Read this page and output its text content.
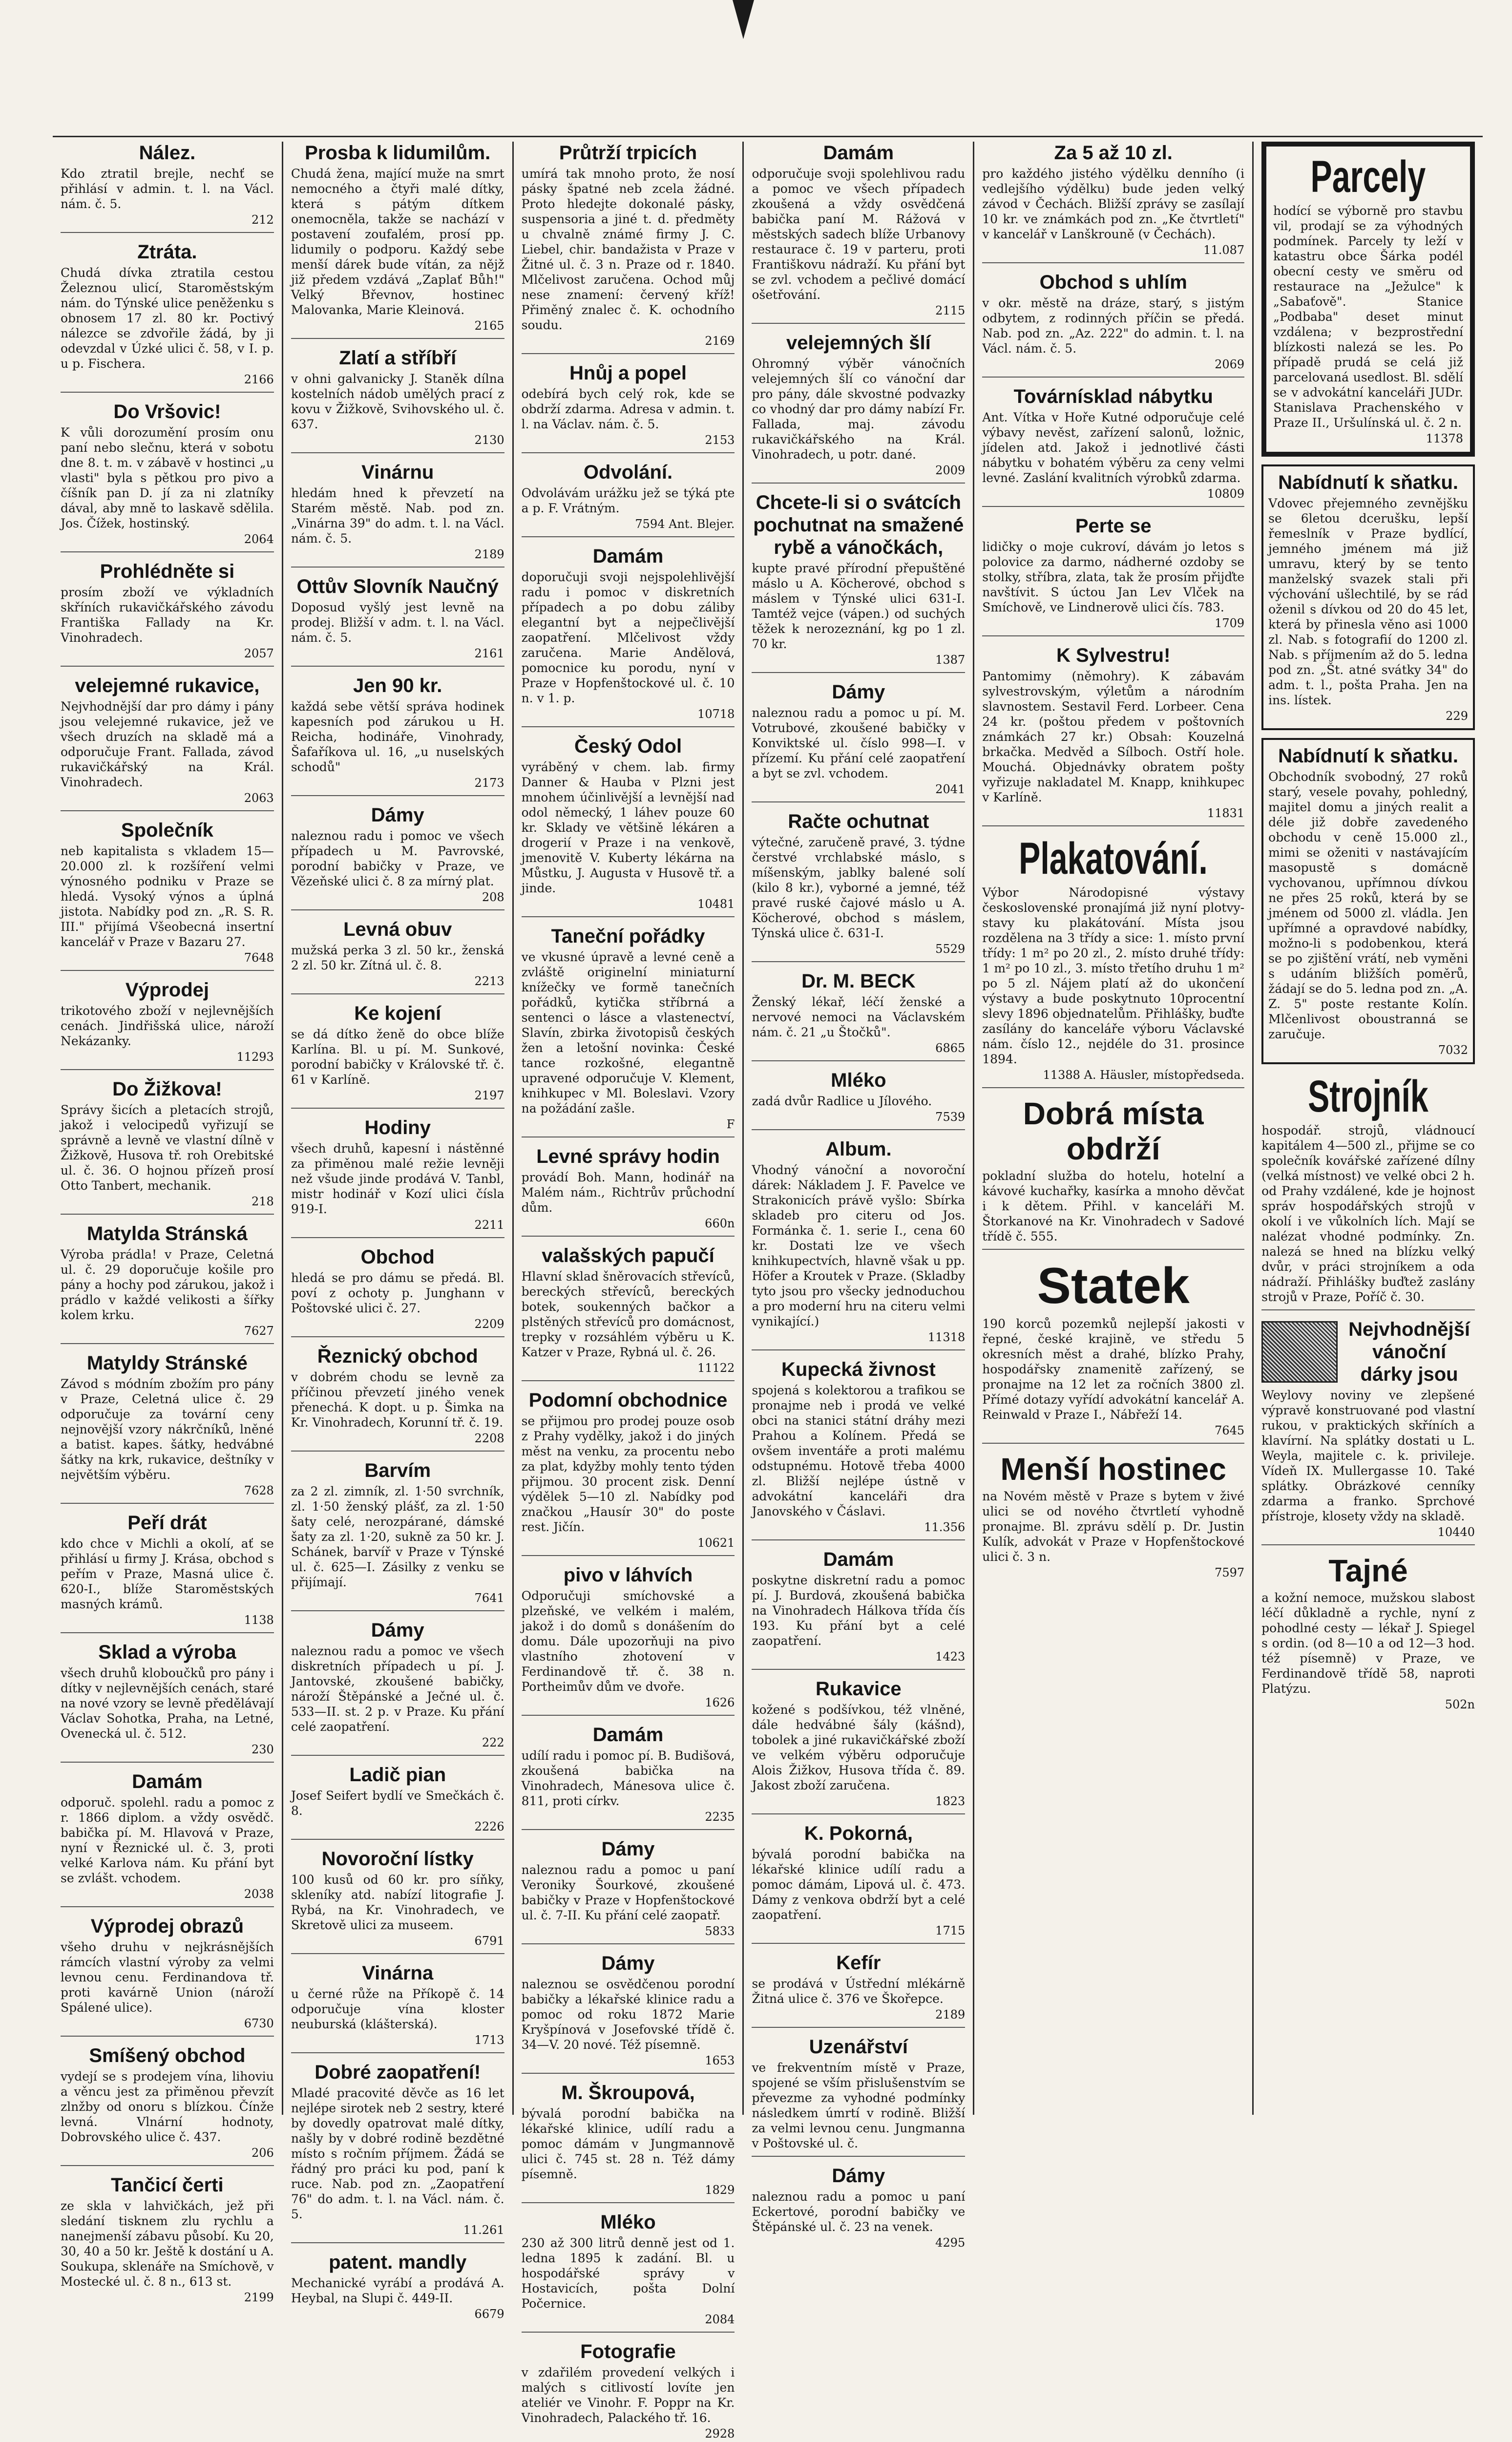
Nález.

Kdo ztratil brejle, nechť se přihlásí v admin. t. l. na Václ. nám. č. 5.

212
Ztráta.

Chudá dívka ztratila cestou Železnou ulicí, Staroměstským nám. do Týnské ulice peněženku s obnosem 17 zl. 80 kr. Poctivý nálezce se zdvořile žádá, by ji odevzdal v Úzké ulici č. 58, v I. p. u p. Fischera.

2166
Do Vršovic!

K vůli dorozumění prosím onu paní nebo slečnu, která v sobotu dne 8. t. m. v zábavě v hostinci „u vlasti" byla s pětkou pro pivo a číšník pan D. jí za ni zlatníky dával, aby mně to laskavě sdělila. Jos. Čížek, hostinský.

2064
Prohlédněte si

prosím zboží ve výkladních skříních rukavičkářského závodu Františka Fallady na Kr. Vinohradech.

2057
velejemné rukavice,

Nejvhodnější dar pro dámy i pány jsou velejemné rukavice, jež ve všech druzích na skladě má a odporučuje Frant. Fallada, závod rukavičkářský na Král. Vinohradech.

2063
Společník

neb kapitalista s vkladem 15—20.000 zl. k rozšíření velmi výnosného podniku v Praze se hledá. Vysoký výnos a úplná jistota. Nabídky pod zn. „R. S. R. III." přijímá Všeobecná insertní kancelář v Praze v Bazaru 27.

7648
Výprodej

trikotového zboží v nejlevnějších cenách. Jindřišská ulice, nároží Nekázanky.

11293
Do Žižkova!

Správy šicích a pletacích strojů, jakož i velocipedů vyřizují se správně a levně ve vlastní dílně v Žižkově, Husova tř. roh Orebitské ul. č. 36. O hojnou přízeň prosí Otto Tanbert, mechanik.

218
Matylda Stránská

Výroba prádla! v Praze, Celetná ul. č. 29 doporučuje košile pro pány a hochy pod zárukou, jakož i prádlo v každé velikosti a šířky kolem krku.

7627
Matyldy Stránské

Závod s módním zbožím pro pány v Praze, Celetná ulice č. 29 odporučuje za tovární ceny nejnovější vzory nákrčníků, lněné a batist. kapes. šátky, hedvábné šátky na krk, rukavice, deštníky v největším výběru.

7628
Peří drát

kdo chce v Michli a okolí, ať se přihlásí u firmy J. Krása, obchod s peřím v Praze, Masná ulice č. 620-I., blíže Staroměstských masných krámů.

1138
Sklad a výroba

všech druhů kloboučků pro pány i dítky v nejlevnějších cenách, staré na nové vzory se levně předělávají Václav Sohotka, Praha, na Letné, Ovenecká ul. č. 512.

230
Damám

odporuč. spolehl. radu a pomoc z r. 1866 diplom. a vždy osvědč. babička pí. M. Hlavová v Praze, nyní v Řeznické ul. č. 3, proti velké Karlova nám. Ku přání byt se zvlášt. vchodem.

2038
Výprodej obrazů

všeho druhu v nejkrásnějších rámcích vlastní výroby za velmi levnou cenu. Ferdinandova tř. proti kavárně Union (nároží Spálené ulice).

6730
Smíšený obchod

vydejí se s prodejem vína, lihoviu a věncu jest za přiměnou převzít zlnžby od onoru s blízkou. Čínže levná. Vlnární hodnoty, Dobrovského ulice č. 437.

206
Tančicí čerti

ze skla v lahvičkách, jež při sledání tisknem zlu rychlu a nanejmenší zábavu působí. Ku 20, 30, 40 a 50 kr. Ještě k dostání u A. Soukupa, sklenáře na Smíchově, v Mostecké ul. č. 8 n., 613 st.

2199
Prosba k lidumilům.

Chudá žena, mající muže na smrt nemocného a čtyři malé dítky, která s pátým dítkem onemocněla, takže se nachází v postavení zoufalém, prosí pp. lidumily o podporu. Každý sebe menší dárek bude vítán, za nějž již předem vzdává „Zaplať Bůh!" Velký Břevnov, hostinec Malovanka, Marie Kleinová.

2165
Zlatí a stříbří

v ohni galvanicky J. Staněk dílna kostelních nádob umělých prací z kovu v Žižkově, Svihovského ul. č. 637.

2130
Vinárnu

hledám hned k převzetí na Starém městě. Nab. pod zn. „Vinárna 39" do adm. t. l. na Václ. nám. č. 5.

2189
Ottův Slovník Naučný

Doposud vyšlý jest levně na prodej. Bližší v adm. t. l. na Václ. nám. č. 5.

2161
Jen 90 kr.

každá sebe větší správa hodinek kapesních pod zárukou u H. Reicha, hodináře, Vinohrady, Šafaříkova ul. 16, „u nuselských schodů"

2173
Dámy

naleznou radu i pomoc ve všech případech u M. Pavrovské, porodní babičky v Praze, ve Vězeňské ulici č. 8 za mírný plat.

208
Levná obuv

mužská perka 3 zl. 50 kr., ženská 2 zl. 50 kr. Zítná ul. č. 8.

2213
Ke kojení

se dá dítko ženě do obce blíže Karlína. Bl. u pí. M. Sunkové, porodní babičky v Královské tř. č. 61 v Karlíně.

2197
Hodiny

všech druhů, kapesní i nástěnné za přiměnou malé režie levněji než všude jinde prodává V. Tanbl, mistr hodinář v Kozí ulici čísla 919-I.

2211
Obchod

hledá se pro dámu se předá. Bl. poví z ochoty p. Junghann v Poštovské ulici č. 27.

2209
Řeznický obchod

v dobrém chodu se levně za příčinou převzetí jiného venek přenechá. K dopt. u p. Šimka na Kr. Vinohradech, Korunní tř. č. 19.

2208
Barvím

za 2 zl. zimník, zl. 1·50 svrchník, zl. 1·50 ženský plášť, za zl. 1·50 šaty celé, nerozpárané, dámské šaty za zl. 1·20, sukně za 50 kr. J. Schánek, barvíř v Praze v Týnské ul. č. 625—I. Zásilky z venku se přijímají.

7641
Dámy

naleznou radu a pomoc ve všech diskretních případech u pí. J. Jantovské, zkoušené babičky, nároží Štěpánské a Ječné ul. č. 533—II. st. 2 p. v Praze. Ku přání celé zaopatření.

222
Ladič pian

Josef Seifert bydlí ve Smečkách č. 8.

2226
Novoroční lístky

100 kusů od 60 kr. pro síňky, skleníky atd. nabízí litografie J. Rybá, na Kr. Vinohradech, ve Skretově ulici za museem.

6791
Vinárna

u černé růže na Příkopě č. 14 odporučuje vína kloster neuburská (klášterská).

1713
Dobré zaopatření!

Mladé pracovité děvče as 16 let nejlépe sirotek neb 2 sestry, které by dovedly opatrovat malé dítky, našly by v dobré rodině bezdětné místo s ročním příjmem. Žádá se řádný pro práci ku pod, paní k ruce. Nab. pod zn. „Zaopatření 76" do adm. t. l. na Václ. nám. č. 5.

11.261
patent. mandly

Mechanické vyrábí a prodává A. Heybal, na Slupi č. 449-II.

6679
Průtrží trpicích

umírá tak mnoho proto, že nosí pásky špatné neb zcela žádné. Proto hledejte dokonalé pásky, suspensoria a jiné t. d. předměty u chvalně známé firmy J. C. Liebel, chir. bandažista v Praze v Žitné ul. č. 3 n. Praze od r. 1840. Mlčelivost zaručena. Ochod můj nese znamení: červený kříž! Přiměný znalec č. K. ochodního soudu.

2169
Hnůj a popel

odebírá bych celý rok, kde se obdrží zdarma. Adresa v admin. t. l. na Václav. nám. č. 5.

2153
Odvolání.

Odvolávám urážku jež se týká pte a p. F. Vrátným.

7594 Ant. Blejer.
Damám

doporučuji svoji nejspolehlivější radu i pomoc v diskretních případech a po dobu záliby elegantní byt a nejpečlivější zaopatření. Mlčelivost vždy zaručena. Marie Andělová, pomocnice ku porodu, nyní v Praze v Hopfenštockové ul. č. 10 n. v 1. p.

10718
Český Odol

vyráběný v chem. lab. firmy Danner & Hauba v Plzni jest mnohem účinlivější a levnější nad odol německý, 1 láhev pouze 60 kr. Sklady ve většině lékáren a drogerií v Praze i na venkově, jmenovitě V. Kuberty lékárna na Můstku, J. Augusta v Husově tř. a jinde.

10481
Taneční pořádky

ve vkusné úpravě a levné ceně a zvláště originelní miniaturní knížečky ve formě tanečních pořádků, kytička stříbrná a sentenci o lásce a vlastenectví, Slavín, zbirka životopisů českých žen a letošní novinka: České tance rozkošné, elegantně upravené odporučuje V. Klement, knihkupec v Ml. Boleslavi. Vzory na požádání zašle.

F
Levné správy hodin

provádí Boh. Mann, hodinář na Malém nám., Richtrův průchodní dům.

660n
valašských papučí

Hlavní sklad šněrovacích střevíců, bereckých střevíců, bereckých botek, soukenných bačkor a plstěných střevíců pro domácnost, trepky v rozsáhlém výběru u K. Katzer v Praze, Rybná ul. č. 26.

11122
Podomní obchodnice

se přijmou pro prodej pouze osob z Prahy vydělky, jakož i do jiných měst na venku, za procentu nebo za plat, kdyžby mohly tento týden přijmou. 30 procent zisk. Denní výdělek 5—10 zl. Nabídky pod značkou „Hausír 30" do poste rest. Jičín.

10621
pivo v láhvích

Odporučuji smíchovské a plzeňské, ve velkém i malém, jakož i do domů s donášením do domu. Dále upozorňuji na pivo vlastního zhotovení v Ferdinandově tř. č. 38 n. Portheimův dům ve dvoře.

1626
Damám

udílí radu i pomoc pí. B. Budišová, zkoušená babička na Vinohradech, Mánesova ulice č. 811, proti církv.

2235
Dámy

naleznou radu a pomoc u paní Veroniky Šourkové, zkoušené babičky v Praze v Hopfenštockové ul. č. 7-II. Ku přání celé zaopatř.

5833
Dámy

naleznou se osvědčenou porodní babičky a lékařské klinice radu a pomoc od roku 1872 Marie Kryšpínová v Josefovské třídě č. 34—V. 20 nové. Též písemně.

1653
M. Škroupová,

bývalá porodní babička na lékařské klinice, udílí radu a pomoc dámám v Jungmannově ulici č. 745 st. 28 n. Též dámy písemně.

1829
Mléko

230 až 300 litrů denně jest od 1. ledna 1895 k zadání. Bl. u hospodářské správy v Hostavicích, pošta Dolní Počernice.

2084
Fotografie

v zdařilém provedení velkých i malých s citlivostí lovíte jen ateliér ve Vinohr. F. Poppr na Kr. Vinohradech, Palackého tř. 16.

2928
Damám

odporučuje svoji spolehlivou radu a pomoc ve všech případech zkoušená a vždy osvědčená babička paní M. Rážová v městských sadech blíže Urbanovy restaurace č. 19 v parteru, proti Františkovu nádraží. Ku přání byt se zvl. vchodem a pečlivé domácí ošetřování.

2115
velejemných šlí

Ohromný výběr vánočních velejemných šlí co vánoční dar pro pány, dále skvostné podvazky co vhodný dar pro dámy nabízí Fr. Fallada, maj. závodu rukavičkářského na Král. Vinohradech, u potr. dané.

2009
Chcete-li si o svátcích pochutnat na smažené rybě a vánočkách,

kupte pravé přírodní přepuštěné máslo u A. Köcherové, obchod s máslem v Týnské ulici 631-I. Tamtéž vejce (vápen.) od suchých těžek k nerozeznání, kg po 1 zl. 70 kr.

1387
Dámy

naleznou radu a pomoc u pí. M. Votrubové, zkoušené babičky v Konviktské ul. číslo 998—I. v přízemí. Ku přání celé zaopatření a byt se zvl. vchodem.

2041
Račte ochutnat

výtečné, zaručeně pravé, 3. týdne čerstvé vrchlabské máslo, s míšenským, jablky balené solí (kilo 8 kr.), vyborné a jemné, též pravé ruské čajové máslo u A. Köcherové, obchod s máslem, Týnská ulice č. 631-I.

5529
Dr. M. BECK

Ženský lékař, léčí ženské a nervové nemoci na Václavském nám. č. 21 „u Štočků".

6865
Mléko

zadá dvůr Radlice u Jílového.

7539
Album.

Vhodný vánoční a novoroční dárek: Nákladem J. F. Pavelce ve Strakonicích právě vyšlo: Sbírka skladeb pro citeru od Jos. Formánka č. 1. serie I., cena 60 kr. Dostati lze ve všech knihkupectvích, hlavně však u pp. Höfer a Kroutek v Praze. (Skladby tyto jsou pro všecky jednoduchou a pro moderní hru na citeru velmi vynikající.)

11318
Kupecká živnost

spojená s kolektorou a trafikou se pronajme neb i prodá ve velké obci na stanici státní dráhy mezi Prahou a Kolínem. Předá se ovšem inventáře a proti malému odstupnému. Hotově třeba 4000 zl. Bližší nejlépe ústně v advokátní kanceláři dra Janovského v Čáslavi.

11.356
Damám

poskytne diskretní radu a pomoc pí. J. Burdová, zkoušená babička na Vinohradech Hálkova třída čís 193. Ku přání byt a celé zaopatření.

1423
Rukavice

kožené s podšívkou, též vlněné, dále hedvábné šály (kášnd), tobolek a jiné rukavičkářské zboží ve velkém výběru odporučuje Alois Žižkov, Husova třída č. 89. Jakost zboží zaručena.

1823
K. Pokorná,

bývalá porodní babička na lékařské klinice udílí radu a pomoc dámám, Lipová ul. č. 473. Dámy z venkova obdrží byt a celé zaopatření.

1715
Kefír

se prodává v Ústřední mlékárně Žitná ulice č. 376 ve Škořepce.

2189
Uzenářství

ve frekventním místě v Praze, spojené se vším přislušenstvím se převezme za vyhodné podmínky následkem úmrtí v rodině. Bližší za velmi levnou cenu. Jungmanna v Poštovské ul. č.

Dámy

naleznou radu a pomoc u paní Eckertové, porodní babičky ve Štěpánské ul. č. 23 na venek.

4295
Za 5 až 10 zl.

pro každého jistého výdělku denního (i vedlejšího výdělku) bude jeden velký závod v Čechách. Bližší zprávy se zasílají 10 kr. ve známkách pod zn. „Ke čtvrtletí" v kancelář v Lanškrouně (v Čechách).

11.087
Obchod s uhlím

v okr. městě na dráze, starý, s jistým odbytem, z rodinných příčin se předá. Nab. pod zn. „Az. 222" do admin. t. l. na Václ. nám. č. 5.

2069
Továrnísklad nábytku

Ant. Vítka v Hoře Kutné odporučuje celé výbavy nevěst, zařízení salonů, ložnic, jídelen atd. Jakož i jednotlivé části nábytku v bohatém výběru za ceny velmi levné. Zaslání kvalitních výrobků zdarma.

10809
Perte se

lidičky o moje cukroví, dávám jo letos s polovice za darmo, nádherné ozdoby se stolky, stříbra, zlata, tak že prosím přijďte navštívit. S úctou Jan Lev Vlček na Smíchově, ve Lindnerově ulici čís. 783.

1709
K Sylvestru!

Pantomimy (němohry). K zábavám sylvestrovským, výletům a národním slavnostem. Sestavil Ferd. Lorbeer. Cena 24 kr. (poštou předem v poštovních známkách 27 kr.) Obsah: Kouzelná brkačka. Medvěd a Sílboch. Ostří hole. Mouchá. Objednávky obratem pošty vyřizuje nakladatel M. Knapp, knihkupec v Karlíně.

11831
Plakatování.

Výbor Národopisné výstavy československé pronajímá již nyní plotvy-stavy ku plakátování. Místa jsou rozdělena na 3 třídy a sice: 1. místo první třídy: 1 m² po 20 zl., 2. místo druhé třídy: 1 m² po 10 zl., 3. místo třetího druhu 1 m² po 5 zl. Nájem platí až do ukončení výstavy a bude poskytnuto 10procentní slevy 1896 objednatelům. Přihlášky, buďte zasílány do kanceláře výboru Václavské nám. číslo 12., nejdéle do 31. prosince 1894.

11388 A. Häusler, místopředseda.
Dobrá místa obdrží

pokladní služba do hotelu, hotelní a kávové kuchařky, kasírka a mnoho děvčat i k dětem. Přihl. v kanceláři M. Štorkanové na Kr. Vinohradech v Sadové třídě č. 555.

Statek

190 korců pozemků nejlepší jakosti v řepné, české krajině, ve středu 5 okresních měst a drahé, blízko Prahy, hospodářsky znamenitě zařízený, se pronajme na 12 let za ročních 3800 zl. Přímé dotazy vyřídí advokátní kancelář A. Reinwald v Praze I., Nábřeží 14.

7645
Menší hostinec

na Novém městě v Praze s bytem v živé ulici se od nového čtvrtletí vyhodně pronajme. Bl. zprávu sdělí p. Dr. Justin Kulík, advokát v Praze v Hopfenštockové ulici č. 3 n.

7597
Parcely

hodící se výborně pro stavbu vil, prodají se za výhodných podmínek. Parcely ty leží v katastru obce Šárka podél obecní cesty ve směru od restaurace na „Ježulce" k „Sabaťově". Stanice „Podbaba" deset minut vzdálena; v bezprostřední blízkosti nalezá se les. Po případě prudá se celá již parcelovaná usedlost. Bl. sdělí se v advokátní kanceláři JUDr. Stanislava Prachenského v Praze II., Uršulínská ul. č. 2 n.

11378
Nabídnutí k sňatku.

Vdovec přejemného zevnějšku se 6letou dcerušku, lepší řemeslník v Praze bydlící, jemného jménem má již umravu, který by se tento manželský svazek stali při výchování ušlechtilé, by se rád oženil s dívkou od 20 do 45 let, která by přinesla věno asi 1000 zl. Nab. s fotografií do 1200 zl. Nab. s příjmením až do 5. ledna pod zn. „Št. atné svátky 34" do adm. t. l., pošta Praha. Jen na ins. lístek.

229
Nabídnutí k sňatku.

Obchodník svobodný, 27 roků starý, vesele povahy, pohledný, majitel domu a jiných realit a déle již dobře zavedeného obchodu v ceně 15.000 zl., mimi se oženiti v nastávajícím masopustě s domácně vychovanou, upřímnou dívkou ne přes 25 roků, která by se jménem od 5000 zl. vládla. Jen upřímné a opravdové nabídky, možno-li s podobenkou, která se po zjištění vrátí, neb vyměni s udáním bližších poměrů, žádají se do 5. ledna pod zn. „A. Z. 5" poste restante Kolín. Mlčenlivost oboustranná se zaručuje.

7032
Strojník

hospodář. strojů, vládnoucí kapitálem 4—500 zl., přijme se co společník kovářské zařízené dílny (velká místnost) ve velké obci 2 h. od Prahy vzdálené, kde je hojnost správ hospodářských strojů v okolí i ve vůkolních lích. Mají se nalézat vhodné podmínky. Zn. nalezá se hned na blízku velký dvůr, v práci strojníkem a oda nádraží. Přihlášky buďtež zaslány strojů v Praze, Poříč č. 30.

Nejvhodnější vánoční dárky jsou

Weylovy noviny ve zlepšené výpravě konstruované pod vlastní rukou, v praktických skříních a klavírní. Na splátky dostati u L. Weyla, majitele c. k. privileje. Vídeň IX. Mullergasse 10. Také splátky. Obrázkové cenníky zdarma a franko. Sprchové přístroje, klosety vždy na skladě.

10440
Tajné

a kožní nemoce, mužskou slabost léčí důkladně a rychle, nyní z pohodlné cesty — lékař J. Spiegel s ordin. (od 8—10 a od 12—3 hod. též písemně) v Praze, ve Ferdinandově třídě 58, naproti Platýzu.

502n
